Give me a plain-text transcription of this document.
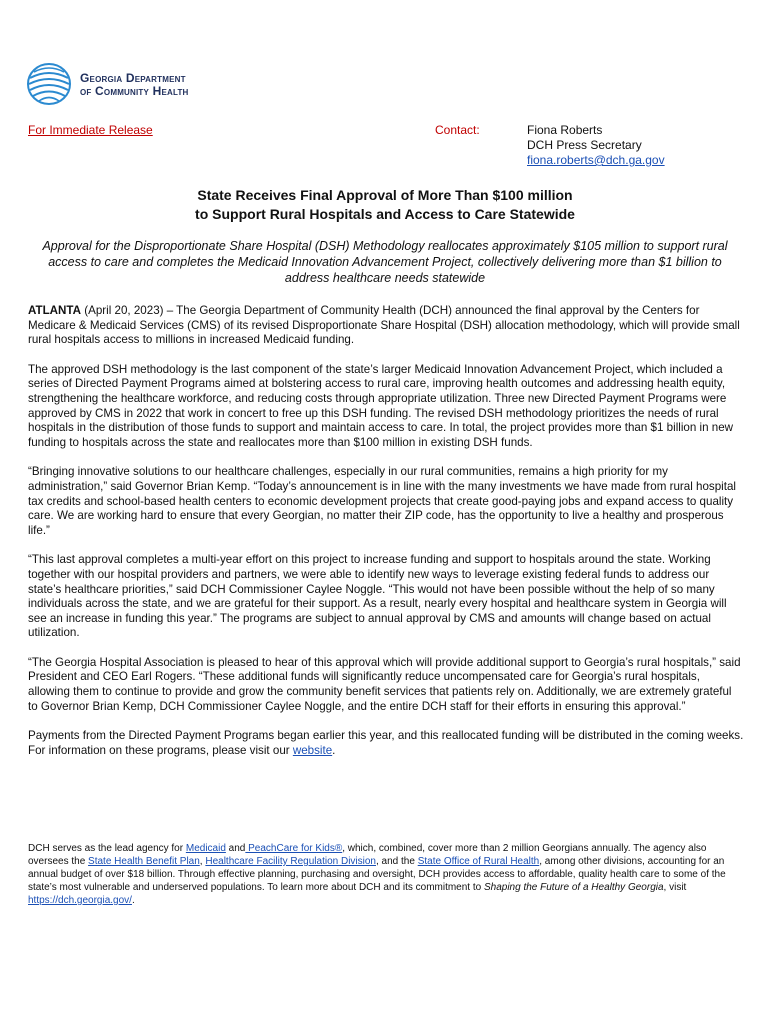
Georgia Department
of Community Health
For Immediate Release	Contact:	Fiona Roberts
DCH Press Secretary
fiona.roberts@dch.ga.gov
State Receives Final Approval of More Than $100 million
to Support Rural Hospitals and Access to Care Statewide
Approval for the Disproportionate Share Hospital (DSH) Methodology reallocates approximately $105 million to support rural access to care and completes the Medicaid Innovation Advancement Project, collectively delivering more than $1 billion to address healthcare needs statewide

ATLANTA (April 20, 2023) – The Georgia Department of Community Health (DCH) announced the final approval by the Centers for Medicare & Medicaid Services (CMS) of its revised Disproportionate Share Hospital (DSH) allocation methodology, which will provide small rural hospitals access to millions in increased Medicaid funding.

The approved DSH methodology is the last component of the state’s larger Medicaid Innovation Advancement Project, which included a series of Directed Payment Programs aimed at bolstering access to rural care, improving health outcomes and addressing health equity, strengthening the healthcare workforce, and reducing costs through appropriate utilization. Three new Directed Payment Programs were approved by CMS in 2022 that work in concert to free up this DSH funding. The revised DSH methodology prioritizes the needs of rural hospitals in the distribution of those funds to support and maintain access to care. In total, the project provides more than $1 billion in new funding to hospitals across the state and reallocates more than $100 million in existing DSH funds.

“Bringing innovative solutions to our healthcare challenges, especially in our rural communities, remains a high priority for my administration,” said Governor Brian Kemp. “Today’s announcement is in line with the many investments we have made from rural hospital tax credits and school-based health centers to economic development projects that create good-paying jobs and expand access to quality care. We are working hard to ensure that every Georgian, no matter their ZIP code, has the opportunity to live a healthy and prosperous life.”

“This last approval completes a multi-year effort on this project to increase funding and support to hospitals around the state. Working together with our hospital providers and partners, we were able to identify new ways to leverage existing federal funds to address our state’s healthcare priorities,” said DCH Commissioner Caylee Noggle. “This would not have been possible without the help of so many individuals across the state, and we are grateful for their support. As a result, nearly every hospital and healthcare system in Georgia will see an increase in funding this year.” The programs are subject to annual approval by CMS and amounts will change based on actual utilization.

“The Georgia Hospital Association is pleased to hear of this approval which will provide additional support to Georgia’s rural hospitals,” said President and CEO Earl Rogers. “These additional funds will significantly reduce uncompensated care for Georgia’s rural hospitals, allowing them to continue to provide and grow the community benefit services that patients rely on. Additionally, we are extremely grateful to Governor Brian Kemp, DCH Commissioner Caylee Noggle, and the entire DCH staff for their efforts in ensuring this approval.”

Payments from the Directed Payment Programs began earlier this year, and this reallocated funding will be distributed in the coming weeks. For information on these programs, please visit our website.

DCH serves as the lead agency for Medicaid and PeachCare for Kids®, which, combined, cover more than 2 million Georgians annually. The agency also oversees the State Health Benefit Plan, Healthcare Facility Regulation Division, and the State Office of Rural Health, among other divisions, accounting for an annual budget of over $18 billion. Through effective planning, purchasing and oversight, DCH provides access to affordable, quality health care to some of the state’s most vulnerable and underserved populations. To learn more about DCH and its commitment to Shaping the Future of a Healthy Georgia, visit https://dch.georgia.gov/.
